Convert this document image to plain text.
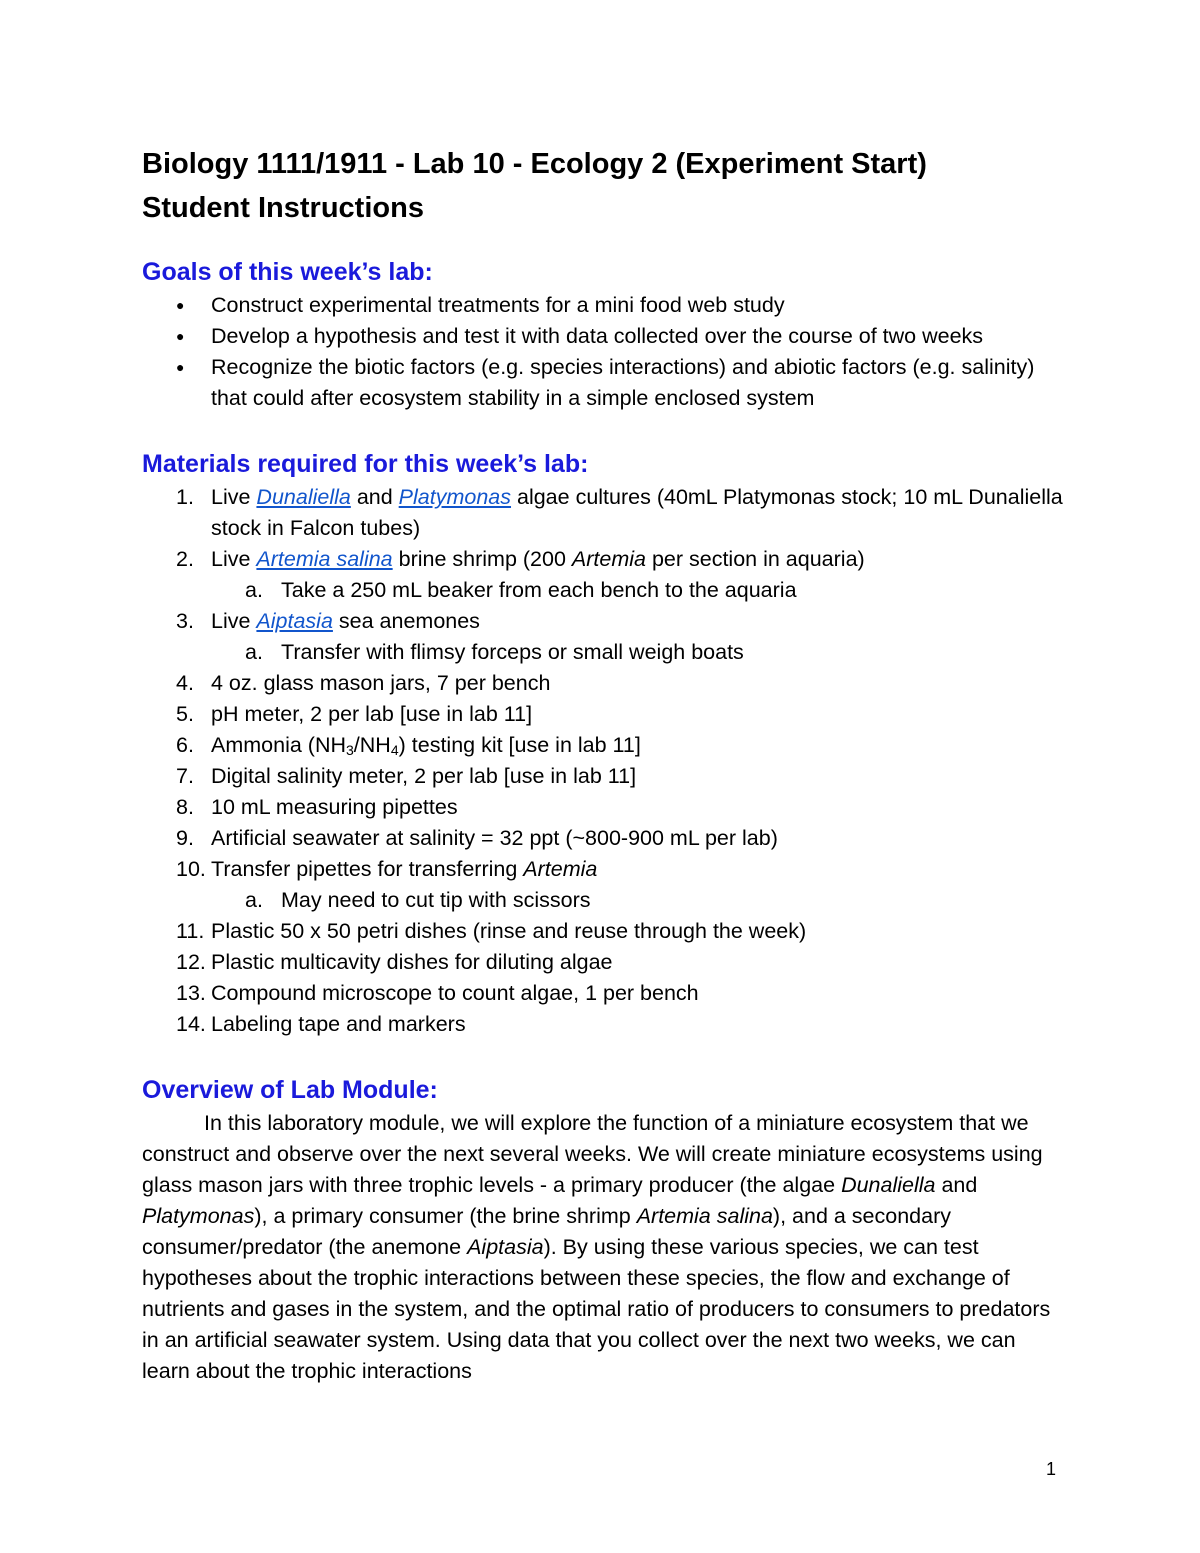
Biology 1111/1911 - Lab 10 - Ecology 2 (Experiment Start)
Student Instructions
Goals of this week’s lab:
● Construct experimental treatments for a mini food web study
● Develop a hypothesis and test it with data collected over the course of two weeks
● Recognize the biotic factors (e.g. species interactions) and abiotic factors (e.g. salinity) that could after ecosystem stability in a simple enclosed system
Materials required for this week’s lab:
1. Live Dunaliella and Platymonas algae cultures (40mL Platymonas stock; 10 mL Dunaliella stock in Falcon tubes)
2. Live Artemia salina brine shrimp (200 Artemia per section in aquaria)
a. Take a 250 mL beaker from each bench to the aquaria
3. Live Aiptasia sea anemones
a. Transfer with flimsy forceps or small weigh boats
4. 4 oz. glass mason jars, 7 per bench
5. pH meter, 2 per lab [use in lab 11]
6. Ammonia $(NH_3/NH_4)$ testing kit [use in lab 11]
7. Digital salinity meter, 2 per lab [use in lab 11]
8. 10 mL measuring pipettes
9. Artificial seawater at salinity = 32 ppt (~800-900 mL per lab)
10. Transfer pipettes for transferring Artemia
a. May need to cut tip with scissors
11. Plastic 50 x 50 petri dishes (rinse and reuse through the week)
12. Plastic multicavity dishes for diluting algae
13. Compound microscope to count algae, 1 per bench
14. Labeling tape and markers
Overview of Lab Module:

In this laboratory module, we will explore the function of a miniature ecosystem that we construct and observe over the next several weeks. We will create miniature ecosystems using glass mason jars with three trophic levels - a primary producer (the algae Dunaliella and Platymonas), a primary consumer (the brine shrimp Artemia salina), and a secondary consumer/predator (the anemone Aiptasia). By using these various species, we can test hypotheses about the trophic interactions between these species, the flow and exchange of nutrients and gases in the system, and the optimal ratio of producers to consumers to predators in an artificial seawater system. Using data that you collect over the next two weeks, we can learn about the trophic interactions

1
